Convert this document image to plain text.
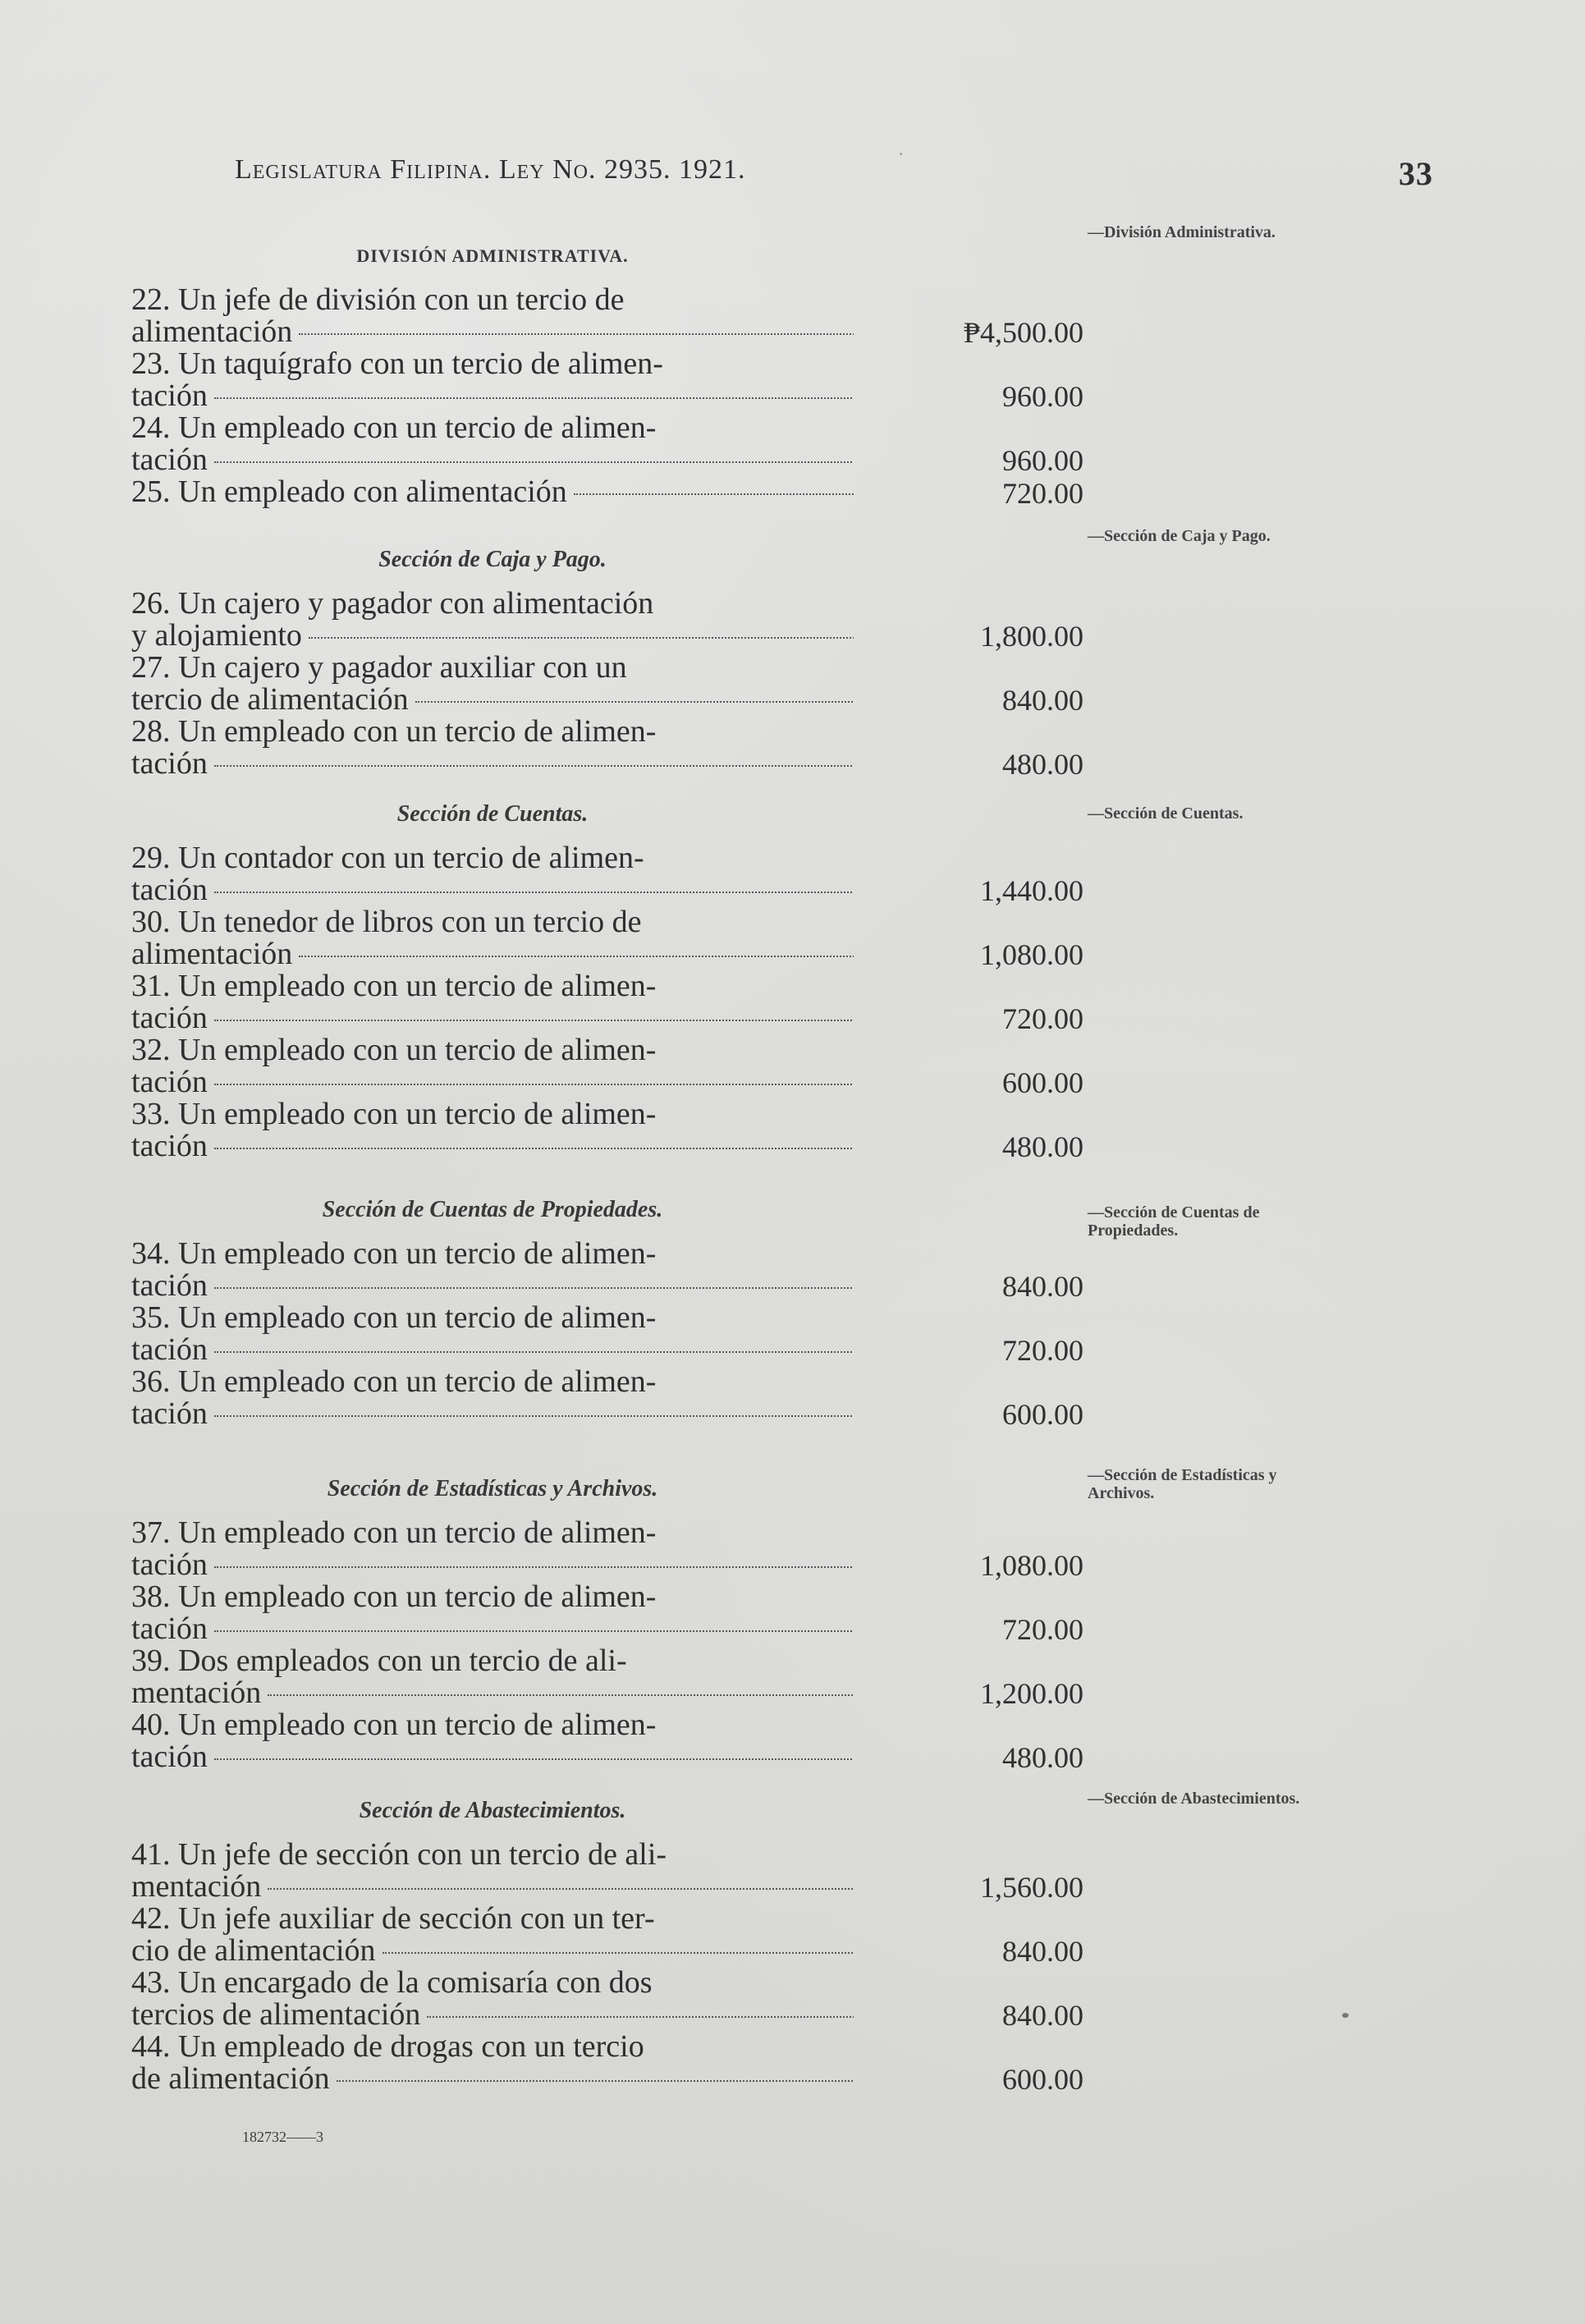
Legislatura Filipina. Ley No. 2935. 1921.	33
DIVISIÓN ADMINISTRATIVA.
22. Un jefe de división con un tercio de
alimentación	₱4,500.00
23. Un taquígrafo con un tercio de alimen-
tación	960.00
24. Un empleado con un tercio de alimen-
tación	960.00
25. Un empleado con alimentación	720.00
Sección de Caja y Pago.
26. Un cajero y pagador con alimentación
y alojamiento	1,800.00
27. Un cajero y pagador auxiliar con un
tercio de alimentación	840.00
28. Un empleado con un tercio de alimen-
tación	480.00
Sección de Cuentas.
29. Un contador con un tercio de alimen-
tación	1,440.00
30. Un tenedor de libros con un tercio de
alimentación	1,080.00
31. Un empleado con un tercio de alimen-
tación	720.00
32. Un empleado con un tercio de alimen-
tación	600.00
33. Un empleado con un tercio de alimen-
tación	480.00
Sección de Cuentas de Propiedades.
34. Un empleado con un tercio de alimen-
tación	840.00
35. Un empleado con un tercio de alimen-
tación	720.00
36. Un empleado con un tercio de alimen-
tación	600.00
Sección de Estadísticas y Archivos.
37. Un empleado con un tercio de alimen-
tación	1,080.00
38. Un empleado con un tercio de alimen-
tación	720.00
39. Dos empleados con un tercio de ali-
mentación	1,200.00
40. Un empleado con un tercio de alimen-
tación	480.00
Sección de Abastecimientos.
41. Un jefe de sección con un tercio de ali-
mentación	1,560.00
42. Un jefe auxiliar de sección con un ter-
cio de alimentación	840.00
43. Un encargado de la comisaría con dos
tercios de alimentación	840.00
44. Un empleado de drogas con un tercio
de alimentación	600.00
182732——3
—División Administrativa.
—Sección de Caja y Pago.
—Sección de Cuentas.
—Sección de Cuentas de Propiedades.
—Sección de Estadísticas y Archivos.
—Sección de Abastecimientos.
